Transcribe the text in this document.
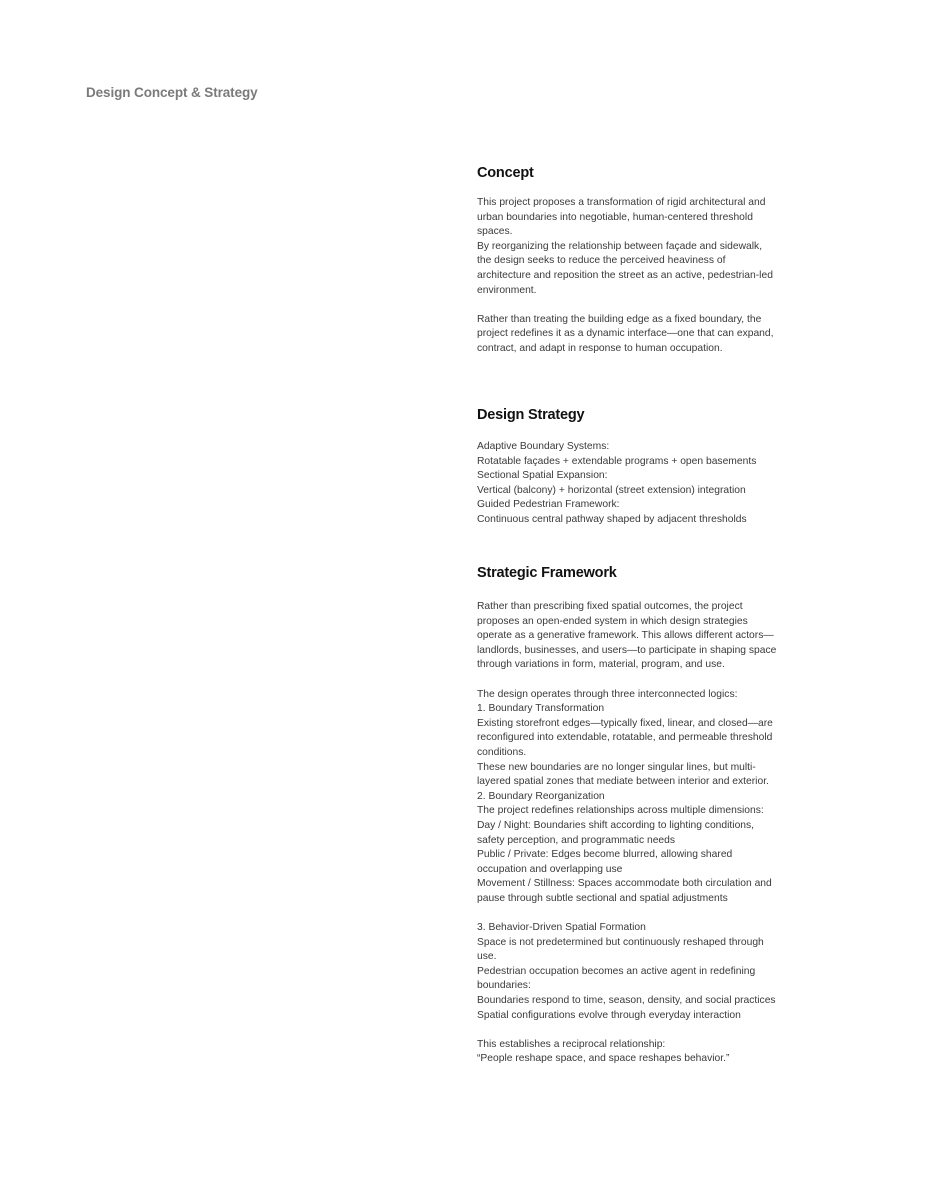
Design Concept & Strategy
Concept
This project proposes a transformation of rigid architectural and
urban boundaries into negotiable, human-centered threshold
spaces.
By reorganizing the relationship between façade and sidewalk,
the design seeks to reduce the perceived heaviness of
architecture and reposition the street as an active, pedestrian-led
environment.
Rather than treating the building edge as a fixed boundary, the
project redefines it as a dynamic interface—one that can expand,
contract, and adapt in response to human occupation.
Design Strategy
Adaptive Boundary Systems:
Rotatable façades + extendable programs + open basements
Sectional Spatial Expansion:
Vertical (balcony) + horizontal (street extension) integration
Guided Pedestrian Framework:
Continuous central pathway shaped by adjacent thresholds
Strategic Framework
Rather than prescribing fixed spatial outcomes, the project
proposes an open-ended system in which design strategies
operate as a generative framework. This allows different actors—
landlords, businesses, and users—to participate in shaping space
through variations in form, material, program, and use.
The design operates through three interconnected logics:
1. Boundary Transformation
Existing storefront edges—typically fixed, linear, and closed—are
reconfigured into extendable, rotatable, and permeable threshold
conditions.
These new boundaries are no longer singular lines, but multi-
layered spatial zones that mediate between interior and exterior.
2. Boundary Reorganization
The project redefines relationships across multiple dimensions:
Day / Night: Boundaries shift according to lighting conditions,
safety perception, and programmatic needs
Public / Private: Edges become blurred, allowing shared
occupation and overlapping use
Movement / Stillness: Spaces accommodate both circulation and
pause through subtle sectional and spatial adjustments
3. Behavior-Driven Spatial Formation
Space is not predetermined but continuously reshaped through
use.
Pedestrian occupation becomes an active agent in redefining
boundaries:
Boundaries respond to time, season, density, and social practices
Spatial configurations evolve through everyday interaction
This establishes a reciprocal relationship:
“People reshape space, and space reshapes behavior.”
